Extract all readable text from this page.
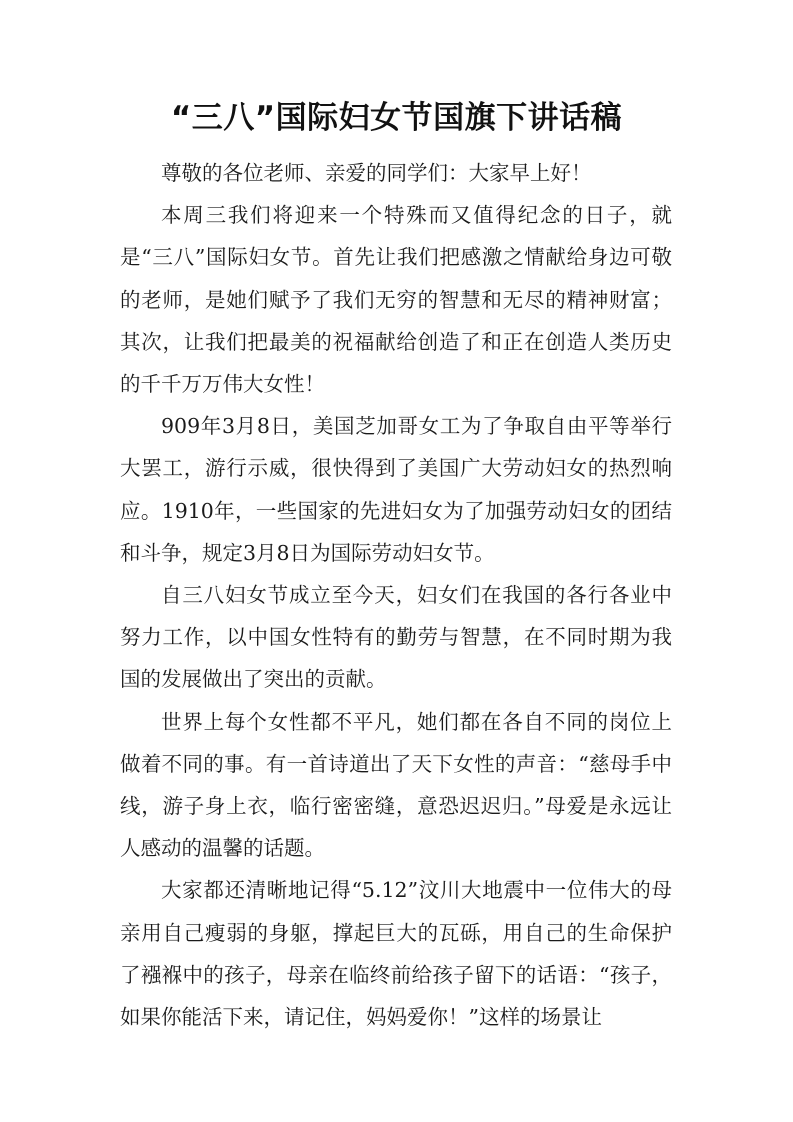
“三八”国际妇女节国旗下讲话稿

尊敬的各位老师、亲爱的同学们：大家早上好！

本周三我们将迎来一个特殊而又值得纪念的日子，就是“三八”国际妇女节。首先让我们把感激之情献给身边可敬的老师，是她们赋予了我们无穷的智慧和无尽的精神财富；其次，让我们把最美的祝福献给创造了和正在创造人类历史的千千万万伟大女性！

909年3月8日，美国芝加哥女工为了争取自由平等举行大罢工，游行示威，很快得到了美国广大劳动妇女的热烈响应。1910年，一些国家的先进妇女为了加强劳动妇女的团结和斗争，规定3月8日为国际劳动妇女节。

自三八妇女节成立至今天，妇女们在我国的各行各业中努力工作，以中国女性特有的勤劳与智慧，在不同时期为我国的发展做出了突出的贡献。

世界上每个女性都不平凡，她们都在各自不同的岗位上做着不同的事。有一首诗道出了天下女性的声音：“慈母手中线，游子身上衣，临行密密缝，意恐迟迟归。”母爱是永远让人感动的温馨的话题。

大家都还清晰地记得“5.12”汶川大地震中一位伟大的母亲用自己瘦弱的身躯，撑起巨大的瓦砾，用自己的生命保护了襁褓中的孩子，母亲在临终前给孩子留下的话语：“孩子，如果你能活下来，请记住，妈妈爱你！”这样的场景让
